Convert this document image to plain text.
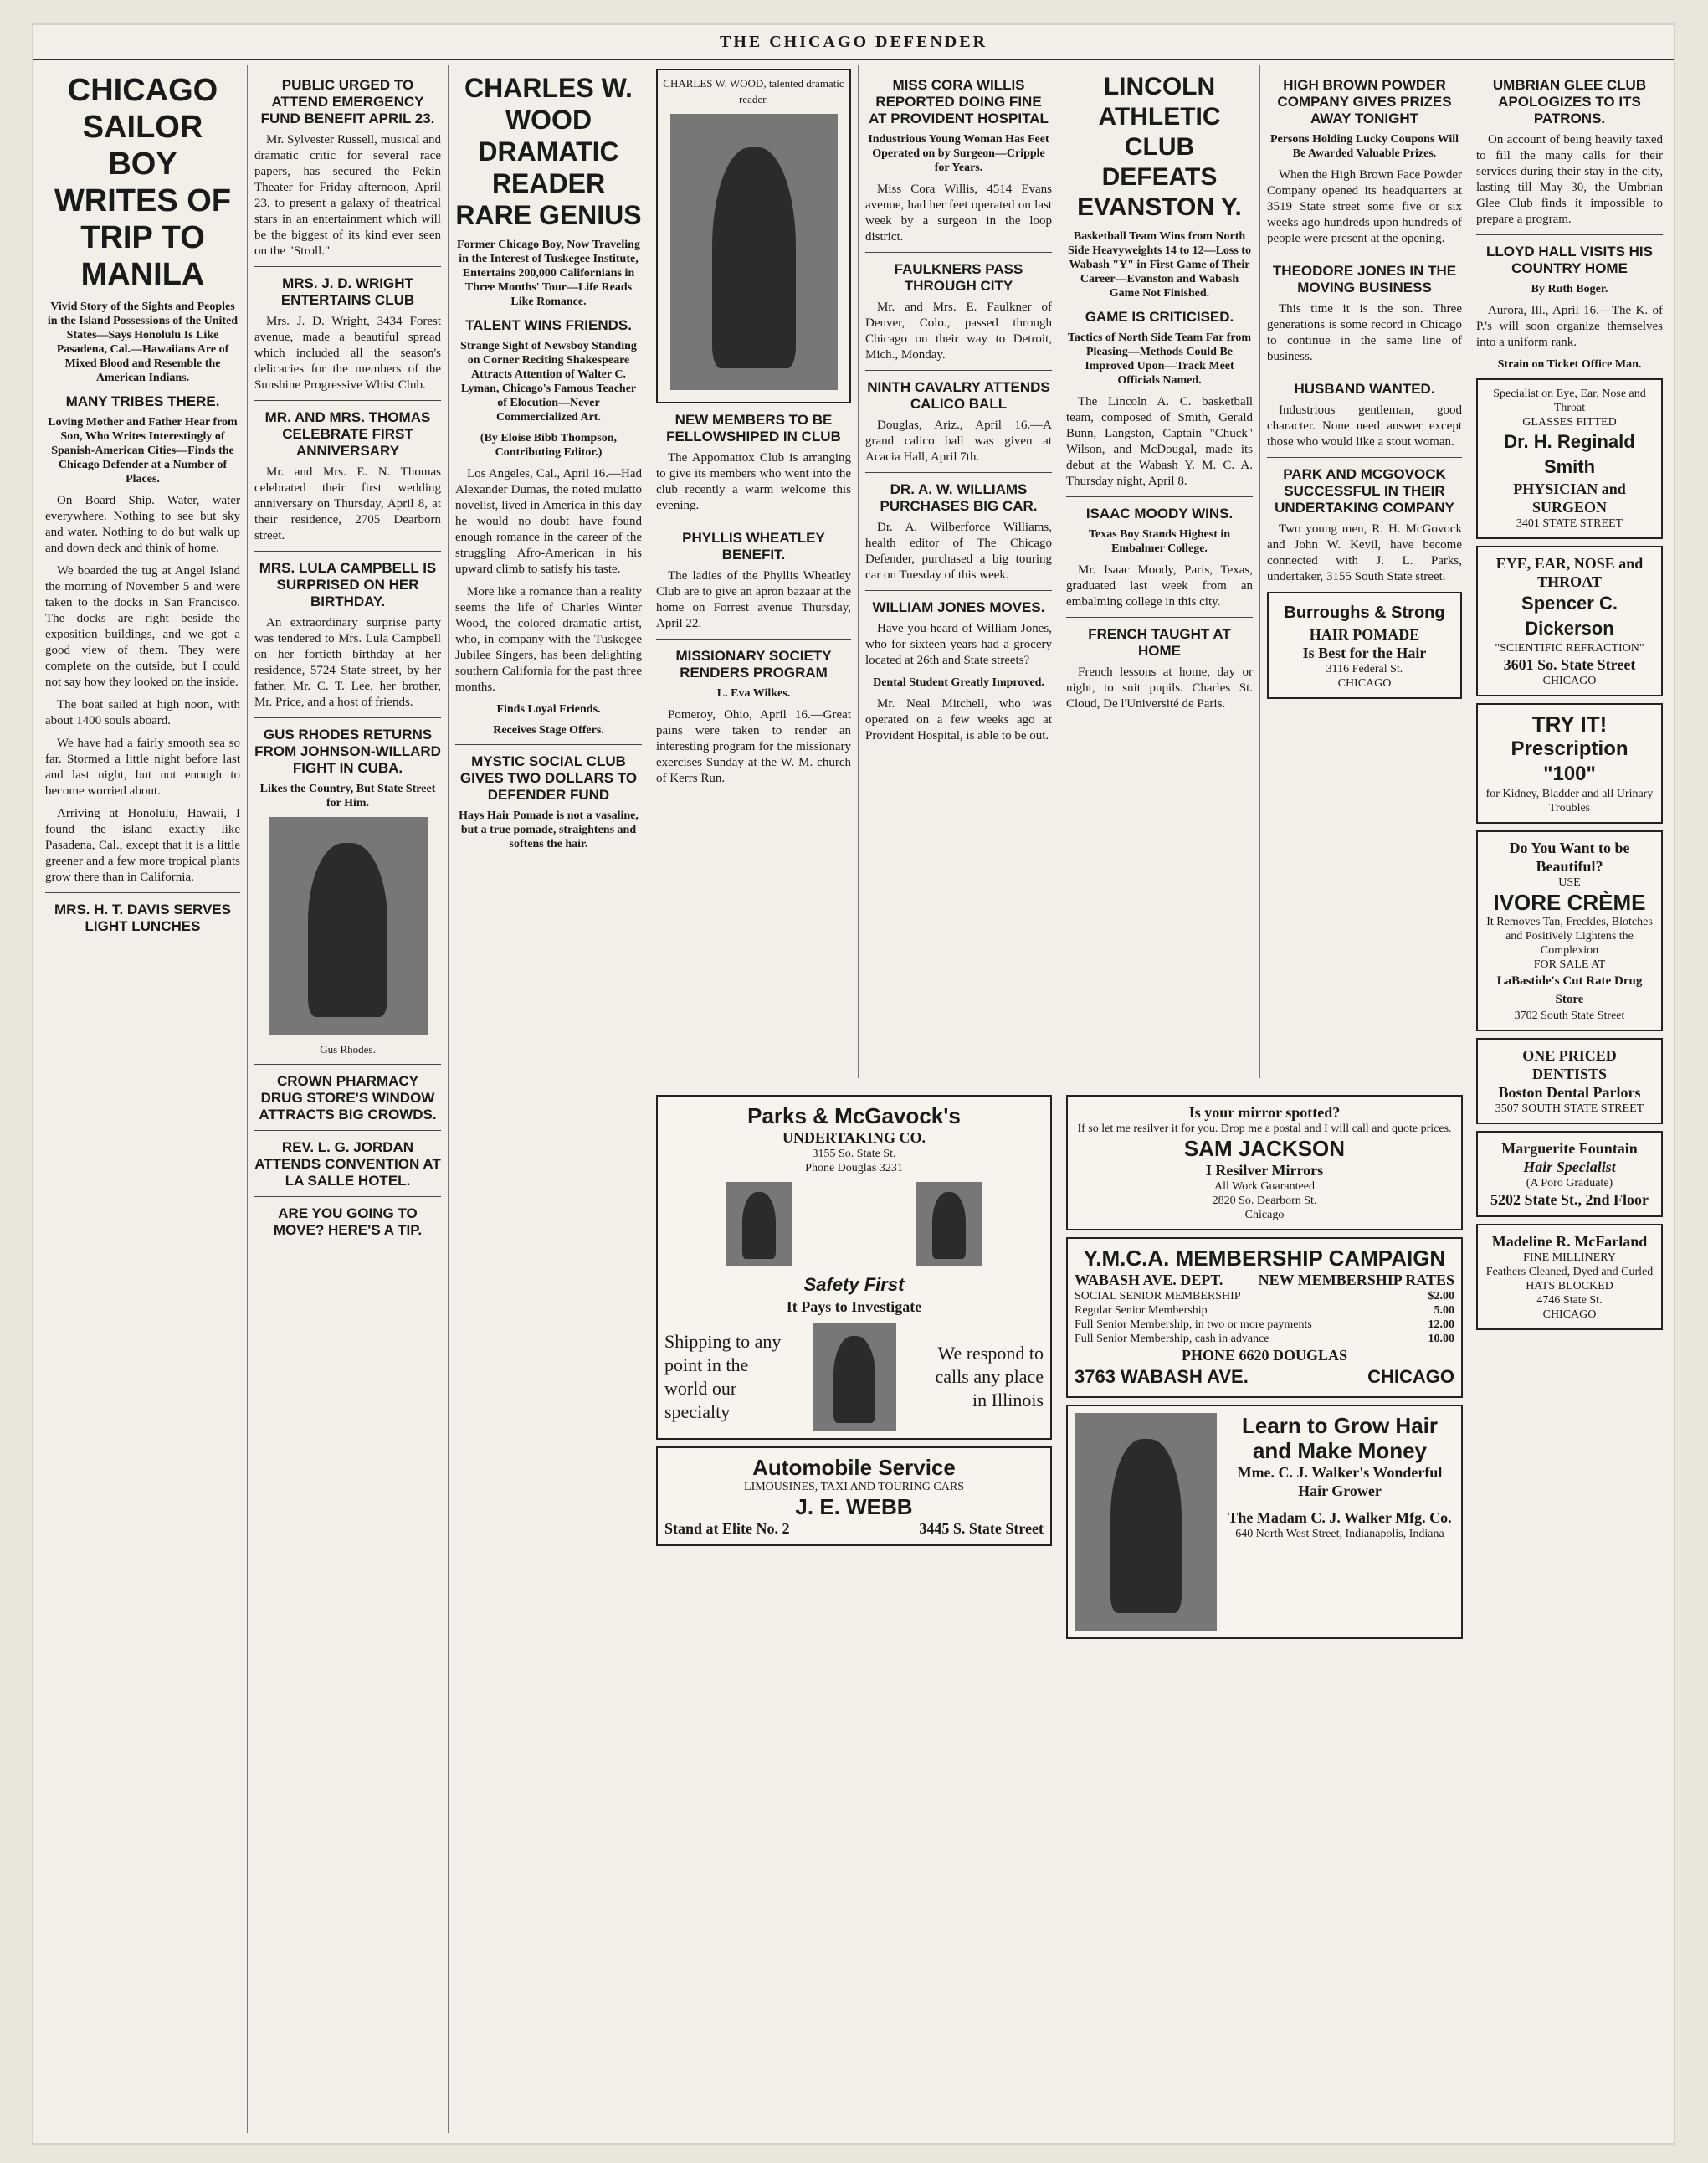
THE CHICAGO DEFENDER
CHICAGO SAILOR BOY WRITES OF TRIP TO MANILA
Vivid Story of the Sights and Peoples in the Island Possessions of the United States—Says Honolulu Is Like Pasadena, Cal.—Hawaiians Are of Mixed Blood and Resemble the American Indians.
MANY TRIBES THERE.
Loving Mother and Father Hear from Son, Who Writes Interestingly of Spanish-American Cities—Finds the Chicago Defender at a Number of Places.

On Board Ship. Water, water everywhere. Nothing to see but sky and water. Nothing to do but walk up and down deck and think of home.

We boarded the tug at Angel Island the morning of November 5 and were taken to the docks in San Francisco. The docks are right beside the exposition buildings, and we got a good view of them. They were complete on the outside, but I could not say how they looked on the inside.

The boat sailed at high noon, with about 1400 souls aboard.

We have had a fairly smooth sea so far. Stormed a little night before last and last night, but not enough to become worried about.

Arriving at Honolulu, Hawaii, I found the island exactly like Pasadena, Cal., except that it is a little greener and a few more tropical plants grow there than in California.

MRS. H. T. DAVIS SERVES LIGHT LUNCHES
PUBLIC URGED TO ATTEND EMERGENCY FUND BENEFIT APRIL 23.

Mr. Sylvester Russell, musical and dramatic critic for several race papers, has secured the Pekin Theater for Friday afternoon, April 23, to present a galaxy of theatrical stars in an entertainment which will be the biggest of its kind ever seen on the "Stroll."

MRS. J. D. WRIGHT ENTERTAINS CLUB

Mrs. J. D. Wright, 3434 Forest avenue, made a beautiful spread which included all the season's delicacies for the members of the Sunshine Progressive Whist Club.

MR. AND MRS. THOMAS CELEBRATE FIRST ANNIVERSARY

Mr. and Mrs. E. N. Thomas celebrated their first wedding anniversary on Thursday, April 8, at their residence, 2705 Dearborn street.

MRS. LULA CAMPBELL IS SURPRISED ON HER BIRTHDAY.

An extraordinary surprise party was tendered to Mrs. Lula Campbell on her fortieth birthday at her residence, 5724 State street, by her father, Mr. C. T. Lee, her brother, Mr. Price, and a host of friends.

GUS RHODES RETURNS FROM JOHNSON-WILLARD FIGHT IN CUBA.
Likes the Country, But State Street for Him.
Gus Rhodes.
CROWN PHARMACY DRUG STORE'S WINDOW ATTRACTS BIG CROWDS.
REV. L. G. JORDAN ATTENDS CONVENTION AT LA SALLE HOTEL.
ARE YOU GOING TO MOVE? HERE'S A TIP.
CHARLES W. WOOD DRAMATIC READER RARE GENIUS
Former Chicago Boy, Now Traveling in the Interest of Tuskegee Institute, Entertains 200,000 Californians in Three Months' Tour—Life Reads Like Romance.
TALENT WINS FRIENDS.
Strange Sight of Newsboy Standing on Corner Reciting Shakespeare Attracts Attention of Walter C. Lyman, Chicago's Famous Teacher of Elocution—Never Commercialized Art.
(By Eloise Bibb Thompson, Contributing Editor.)

Los Angeles, Cal., April 16.—Had Alexander Dumas, the noted mulatto novelist, lived in America in this day he would no doubt have found enough romance in the career of the struggling Afro-American in his upward climb to satisfy his taste.

More like a romance than a reality seems the life of Charles Winter Wood, the colored dramatic artist, who, in company with the Tuskegee Jubilee Singers, has been delighting southern California for the past three months.

Finds Loyal Friends.
Receives Stage Offers.
MYSTIC SOCIAL CLUB GIVES TWO DOLLARS TO DEFENDER FUND
Hays Hair Pomade is not a vasaline, but a true pomade, straightens and softens the hair.
CHARLES W. WOOD, talented dramatic reader.
NEW MEMBERS TO BE FELLOWSHIPED IN CLUB

The Appomattox Club is arranging to give its members who went into the club recently a warm welcome this evening.

PHYLLIS WHEATLEY BENEFIT.

The ladies of the Phyllis Wheatley Club are to give an apron bazaar at the home on Forrest avenue Thursday, April 22.

MISSIONARY SOCIETY RENDERS PROGRAM
L. Eva Wilkes.

Pomeroy, Ohio, April 16.—Great pains were taken to render an interesting program for the missionary exercises Sunday at the W. M. church of Kerrs Run.

MISS CORA WILLIS REPORTED DOING FINE AT PROVIDENT HOSPITAL
Industrious Young Woman Has Feet Operated on by Surgeon—Cripple for Years.

Miss Cora Willis, 4514 Evans avenue, had her feet operated on last week by a surgeon in the loop district.

FAULKNERS PASS THROUGH CITY

Mr. and Mrs. E. Faulkner of Denver, Colo., passed through Chicago on their way to Detroit, Mich., Monday.

NINTH CAVALRY ATTENDS CALICO BALL

Douglas, Ariz., April 16.—A grand calico ball was given at Acacia Hall, April 7th.

DR. A. W. WILLIAMS PURCHASES BIG CAR.

Dr. A. Wilberforce Williams, health editor of The Chicago Defender, purchased a big touring car on Tuesday of this week.

WILLIAM JONES MOVES.

Have you heard of William Jones, who for sixteen years had a grocery located at 26th and State streets?

Dental Student Greatly Improved.

Mr. Neal Mitchell, who was operated on a few weeks ago at Provident Hospital, is able to be out.

LINCOLN ATHLETIC CLUB DEFEATS EVANSTON Y.
Basketball Team Wins from North Side Heavyweights 14 to 12—Loss to Wabash "Y" in First Game of Their Career—Evanston and Wabash Game Not Finished.
GAME IS CRITICISED.
Tactics of North Side Team Far from Pleasing—Methods Could Be Improved Upon—Track Meet Officials Named.

The Lincoln A. C. basketball team, composed of Smith, Gerald Bunn, Langston, Captain "Chuck" Wilson, and McDougal, made its debut at the Wabash Y. M. C. A. Thursday night, April 8.

ISAAC MOODY WINS.
Texas Boy Stands Highest in Embalmer College.

Mr. Isaac Moody, Paris, Texas, graduated last week from an embalming college in this city.

FRENCH TAUGHT AT HOME

French lessons at home, day or night, to suit pupils. Charles St. Cloud, De l'Université de Paris.

HIGH BROWN POWDER COMPANY GIVES PRIZES AWAY TONIGHT
Persons Holding Lucky Coupons Will Be Awarded Valuable Prizes.

When the High Brown Face Powder Company opened its headquarters at 3519 State street some five or six weeks ago hundreds upon hundreds of people were present at the opening.

THEODORE JONES IN THE MOVING BUSINESS

This time it is the son. Three generations is some record in Chicago to continue in the same line of business.

HUSBAND WANTED.

Industrious gentleman, good character. None need answer except those who would like a stout woman.

PARK AND MCGOVOCK SUCCESSFUL IN THEIR UNDERTAKING COMPANY

Two young men, R. H. McGovock and John W. Kevil, have become connected with J. L. Parks, undertaker, 3155 South State street.

Burroughs & Strong
HAIR POMADE
Is Best for the Hair
3116 Federal St.
CHICAGO
UMBRIAN GLEE CLUB APOLOGIZES TO ITS PATRONS.

On account of being heavily taxed to fill the many calls for their services during their stay in the city, lasting till May 30, the Umbrian Glee Club finds it impossible to prepare a program.

LLOYD HALL VISITS HIS COUNTRY HOME
By Ruth Boger.

Aurora, Ill., April 16.—The K. of P.'s will soon organize themselves into a uniform rank.

Strain on Ticket Office Man.
Specialist on Eye, Ear, Nose and Throat
GLASSES FITTED
Dr. H. Reginald Smith
PHYSICIAN and SURGEON
3401 STATE STREET
EYE, EAR, NOSE and THROAT
Spencer C. Dickerson
"SCIENTIFIC REFRACTION"
3601 So. State Street
CHICAGO
TRY IT!
Prescription "100"
for Kidney, Bladder and all Urinary Troubles
Do You Want to be Beautiful?
USE
IVORE CRÈME
It Removes Tan, Freckles, Blotches and Positively Lightens the Complexion
FOR SALE AT
LaBastide's Cut Rate Drug Store
3702 South State Street
ONE PRICED DENTISTS
Boston Dental Parlors
3507 SOUTH STATE STREET
Marguerite Fountain
Hair Specialist
(A Poro Graduate)
5202 State St., 2nd Floor
Madeline R. McFarland
FINE MILLINERY
Feathers Cleaned, Dyed and Curled
HATS BLOCKED
4746 State St.
CHICAGO
Parks & McGavock's
UNDERTAKING CO.
3155 So. State St.
Phone Douglas 3231
Safety First
It Pays to Investigate
Shipping to any point in the world our specialty
We respond to calls any place in Illinois
Automobile Service
LIMOUSINES, TAXI AND TOURING CARS
J. E. WEBB
Stand at Elite No. 2	3445 S. State Street
Is your mirror spotted?
If so let me resilver it for you. Drop me a postal and I will call and quote prices.
SAM JACKSON
I Resilver Mirrors
All Work Guaranteed
2820 So. Dearborn St.
Chicago
Y.M.C.A. MEMBERSHIP CAMPAIGN
WABASH AVE. DEPT. NEW MEMBERSHIP RATES
SOCIAL SENIOR MEMBERSHIP	$2.00
Regular Senior Membership	5.00
Full Senior Membership, in two or more payments	12.00
Full Senior Membership, cash in advance	10.00
PHONE 6620 DOUGLAS
3763 WABASH AVE.	CHICAGO
Learn to Grow Hair and Make Money
Mme. C. J. Walker's Wonderful Hair Grower
The Madam C. J. Walker Mfg. Co.
640 North West Street, Indianapolis, Indiana
